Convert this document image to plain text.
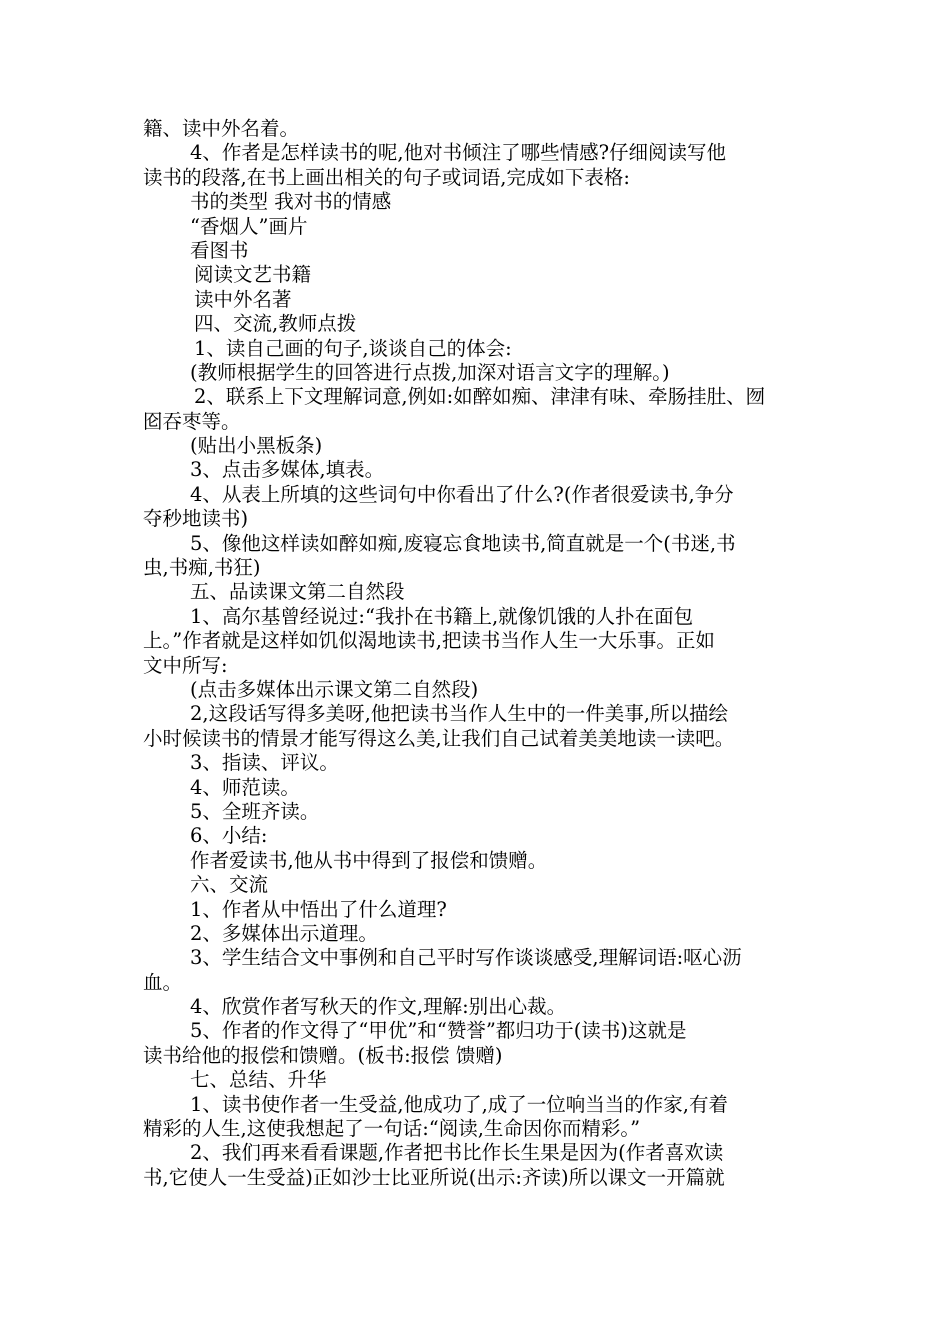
籍、读中外名着。
4、作者是怎样读书的呢,他对书倾注了哪些情感?仔细阅读写他
读书的段落,在书上画出相关的句子或词语,完成如下表格:
书的类型 我对书的情感
“香烟人”画片
看图书
阅读文艺书籍
读中外名著
四、交流,教师点拨
1、读自己画的句子,谈谈自己的体会:
(教师根据学生的回答进行点拨,加深对语言文字的理解。)
2、联系上下文理解词意,例如:如醉如痴、津津有味、牵肠挂肚、囫
囵吞枣等。
(贴出小黑板条)
3、点击多媒体,填表。
4、从表上所填的这些词句中你看出了什么?(作者很爱读书,争分
夺秒地读书)
5、像他这样读如醉如痴,废寝忘食地读书,简直就是一个(书迷,书
虫,书痴,书狂)
五、品读课文第二自然段
1、高尔基曾经说过:“我扑在书籍上,就像饥饿的人扑在面包
上。”作者就是这样如饥似渴地读书,把读书当作人生一大乐事。正如
文中所写:
(点击多媒体出示课文第二自然段)
2,这段话写得多美呀,他把读书当作人生中的一件美事,所以描绘
小时候读书的情景才能写得这么美,让我们自己试着美美地读一读吧。
3、指读、评议。
4、师范读。
5、全班齐读。
6、小结:
作者爱读书,他从书中得到了报偿和馈赠。
六、交流
1、作者从中悟出了什么道理?
2、多媒体出示道理。
3、学生结合文中事例和自己平时写作谈谈感受,理解词语:呕心沥
血。
4、欣赏作者写秋天的作文,理解:别出心裁。
5、作者的作文得了“甲优”和“赞誉”都归功于(读书)这就是
读书给他的报偿和馈赠。(板书:报偿 馈赠)
七、总结、升华
1、读书使作者一生受益,他成功了,成了一位响当当的作家,有着
精彩的人生,这使我想起了一句话:“阅读,生命因你而精彩。”
2、我们再来看看课题,作者把书比作长生果是因为(作者喜欢读
书,它使人一生受益)正如沙士比亚所说(出示:齐读)所以课文一开篇就
